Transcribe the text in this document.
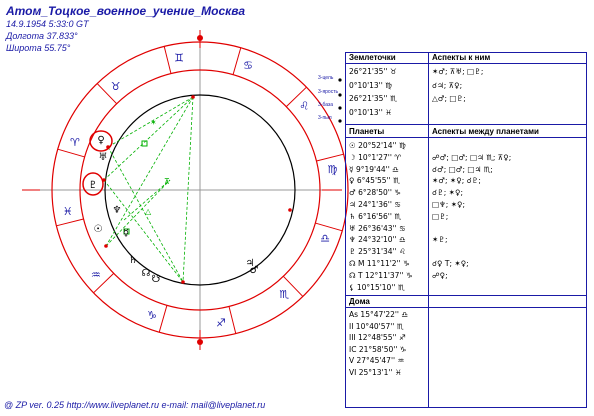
Атом_Тоцкое_военное_учение_Москва
14.9.1954 5:33:0 GT
Долгота 37.833°
Широта 55.75°
♉
♈
♓
♒
♑
♐
♏
♎
♍
♌
♋
♊
✶
⊼
△
♀
♇
♅
♆
☿
♄
☉
☊
☋
♂
♃
3-цель
3-ярость
3-база
3-пыл
Землеточки	Аспекты к ним
Планеты	Аспекты между планетами
Дома
26°21'35'' ♉	✶♂; ⊼♅; □♇;
0°10'13'' ♍	☌♃; ⊼♀;
26°21'35'' ♏	△♂; □♇;
0°10'13'' ♓
☉ 20°52'14'' ♍
☽ 10°1'27'' ♈	☍♂; □♂; □♃ ♏; ⊼♀;
☿ 9°19'44'' ♎	☌♂; □♂; □♃ ♏;
♀ 6°45'55'' ♏	✶♂; ✶♀; ☌♇;
♂ 6°28'50'' ♑	☌♇; ✶♀;
♃ 24°1'36'' ♋	□♆; ✶♀;
♄ 6°16'56'' ♏	□♇;
♅ 26°36'43'' ♋
♆ 24°32'10'' ♎	✶♇;
♇ 25°31'34'' ♌
☊ M 11°11'2'' ♑	☌♀ T; ✶♀;
☊ T 12°11'37'' ♑	☍♀;
⚸ 10°15'10'' ♏
As 15°47'22'' ♎
II 10°40'57'' ♏
III 12°48'55'' ♐
IC 21°58'50'' ♑
V 27°45'47'' ♒
VI 25°13'1'' ♓
@ ZP ver. 0.25 http://www.liveplanet.ru e-mail: mail@liveplanet.ru
